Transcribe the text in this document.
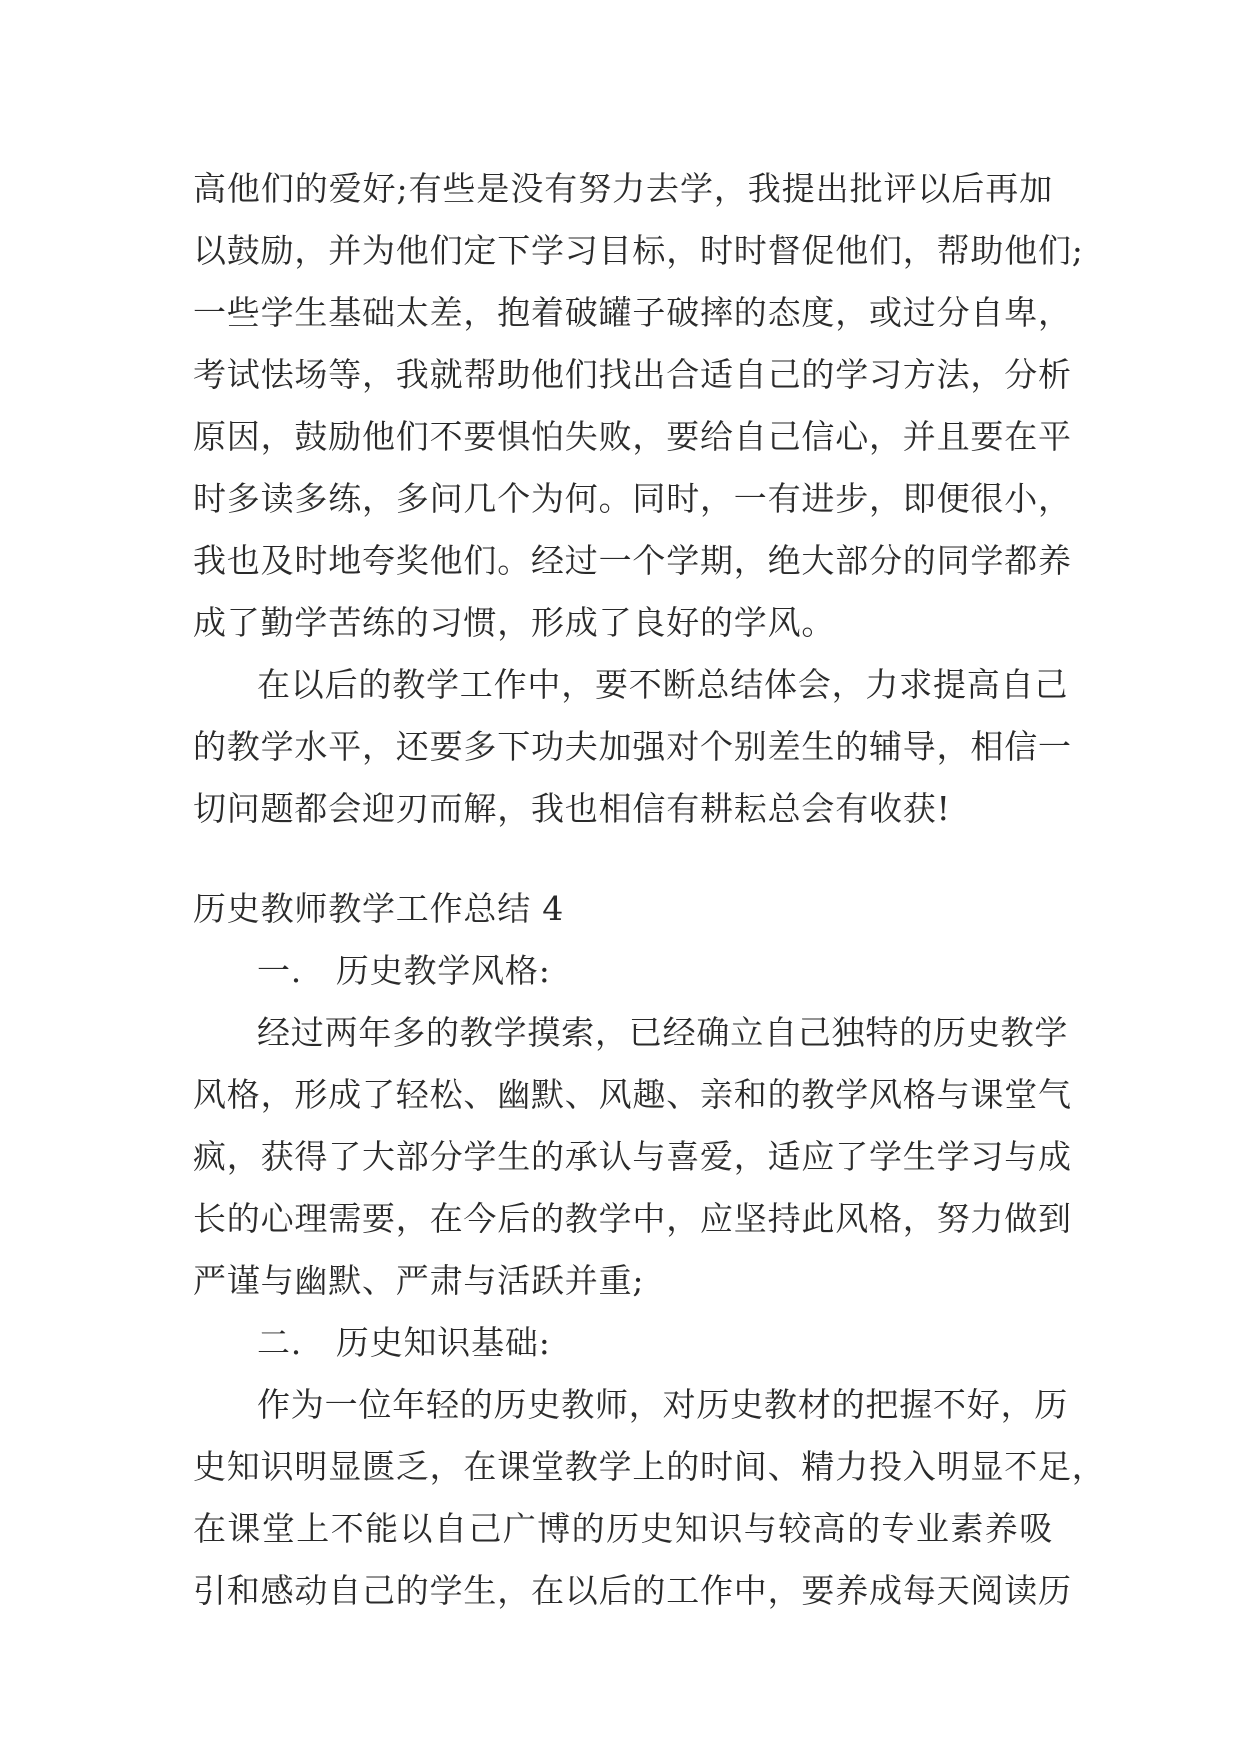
高他们的爱好;有些是没有努力去学，我提出批评以后再加
以鼓励，并为他们定下学习目标，时时督促他们，帮助他们;
一些学生基础太差，抱着破罐子破摔的态度，或过分自卑，
考试怯场等，我就帮助他们找出合适自己的学习方法，分析
原因，鼓励他们不要惧怕失败，要给自己信心，并且要在平
时多读多练，多问几个为何。同时，一有进步，即便很小，
我也及时地夸奖他们。经过一个学期，绝大部分的同学都养
成了勤学苦练的习惯，形成了良好的学风。
在以后的教学工作中，要不断总结体会，力求提高自己
的教学水平，还要多下功夫加强对个别差生的辅导，相信一
切问题都会迎刃而解，我也相信有耕耘总会有收获!
历史教师教学工作总结 4
一.　历史教学风格:
经过两年多的教学摸索，已经确立自己独特的历史教学
风格，形成了轻松、幽默、风趣、亲和的教学风格与课堂气
疯，获得了大部分学生的承认与喜爱，适应了学生学习与成
长的心理需要，在今后的教学中，应坚持此风格，努力做到
严谨与幽默、严肃与活跃并重;
二.　历史知识基础:
作为一位年轻的历史教师，对历史教材的把握不好，历
史知识明显匮乏，在课堂教学上的时间、精力投入明显不足，
在课堂上不能以自己广博的历史知识与较高的专业素养吸
引和感动自己的学生，在以后的工作中，要养成每天阅读历
